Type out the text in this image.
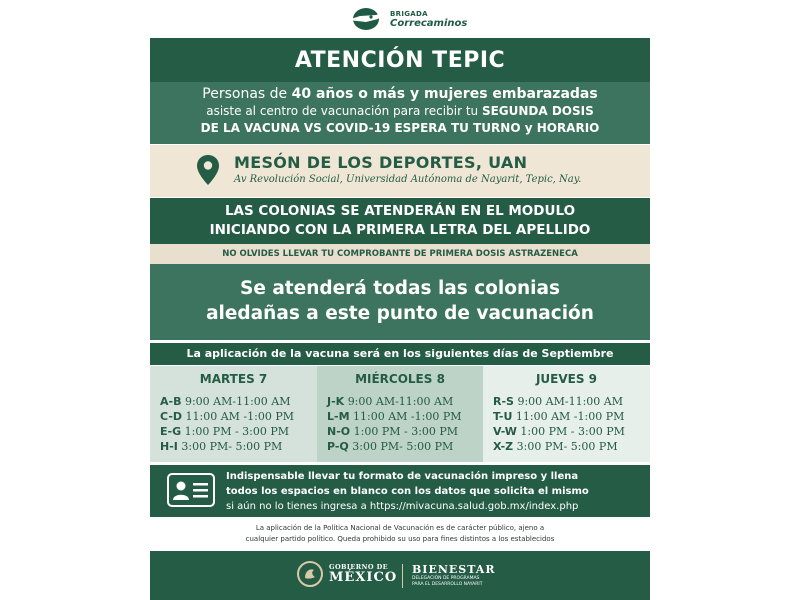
BRIGADA
Correcaminos
ATENCIÓN TEPIC
Personas de 40 años o más y mujeres embarazadas
asiste al centro de vacunación para recibir tu SEGUNDA DOSIS
DE LA VACUNA VS COVID-19 ESPERA TU TURNO y HORARIO
MESÓN DE LOS DEPORTES, UAN
Av Revolución Social, Universidad Autónoma de Nayarit, Tepic, Nay.
LAS COLONIAS SE ATENDERÁN EN EL MODULO
INICIANDO CON LA PRIMERA LETRA DEL APELLIDO
NO OLVIDES LLEVAR TU COMPROBANTE DE PRIMERA DOSIS ASTRAZENECA
Se atenderá todas las colonias
aledañas a este punto de vacunación
La aplicación de la vacuna será en los siguientes días de Septiembre
MARTES 7
A-B 9:00 AM-11:00 AM
C-D 11:00 AM -1:00 PM
E-G 1:00 PM - 3:00 PM
H-I 3:00 PM- 5:00 PM
MIÉRCOLES 8
J-K 9:00 AM-11:00 AM
L-M 11:00 AM -1:00 PM
N-O 1:00 PM - 3:00 PM
P-Q 3:00 PM- 5:00 PM
JUEVES 9
R-S 9:00 AM-11:00 AM
T-U 11:00 AM -1:00 PM
V-W 1:00 PM - 3:00 PM
X-Z 3:00 PM- 5:00 PM
Indispensable llevar tu formato de vacunación impreso y llena
todos los espacios en blanco con los datos que solicita el mismo
si aún no lo tienes ingresa a https://mivacuna.salud.gob.mx/index.php
La aplicación de la Política Nacional de Vacunación es de carácter público, ajeno a
cualquier partido político. Queda prohibido su uso para fines distintos a los establecidos
GOBIERNO DE
MÉXICO
BIENESTAR
DELEGACIÓN DE PROGRAMAS
PARA EL DESARROLLO NAYARIT
